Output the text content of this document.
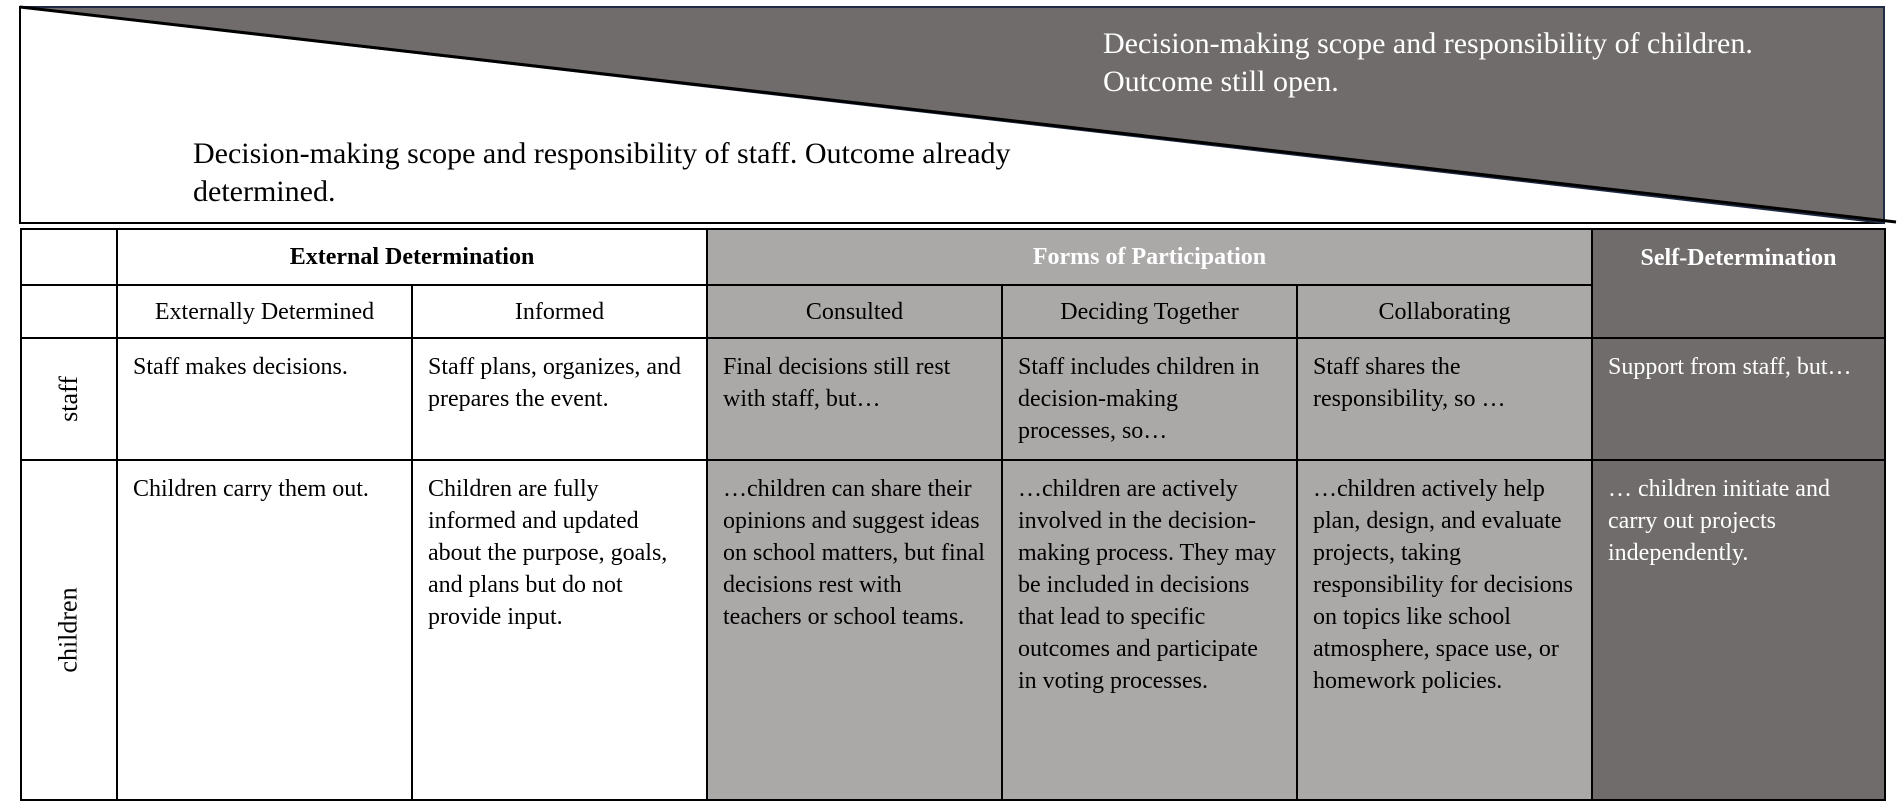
Decision-making scope and responsibility of children. Outcome still open.
Decision-making scope and responsibility of staff. Outcome already determined.
	External Determination		Forms of Participation			Self-Determination
	Externally Determined	Informed	Consulted	Deciding Together	Collaborating	
staff	Staff makes decisions.	Staff plans, organizes, and prepares the event.	Final decisions still rest with staff, but…	Staff includes children in decision-making processes, so…	Staff shares the responsibility, so …	Support from staff, but…
children	Children carry them out.	Children are fully informed and updated about the purpose, goals, and plans but do not provide input.	…children can share their opinions and suggest ideas on school matters, but final decisions rest with teachers or school teams.	…children are actively involved in the decision-making process. They may be included in decisions that lead to specific outcomes and participate in voting processes.	…children actively help plan, design, and evaluate projects, taking responsibility for decisions on topics like school atmosphere, space use, or homework policies.	… children initiate and carry out projects independently.
